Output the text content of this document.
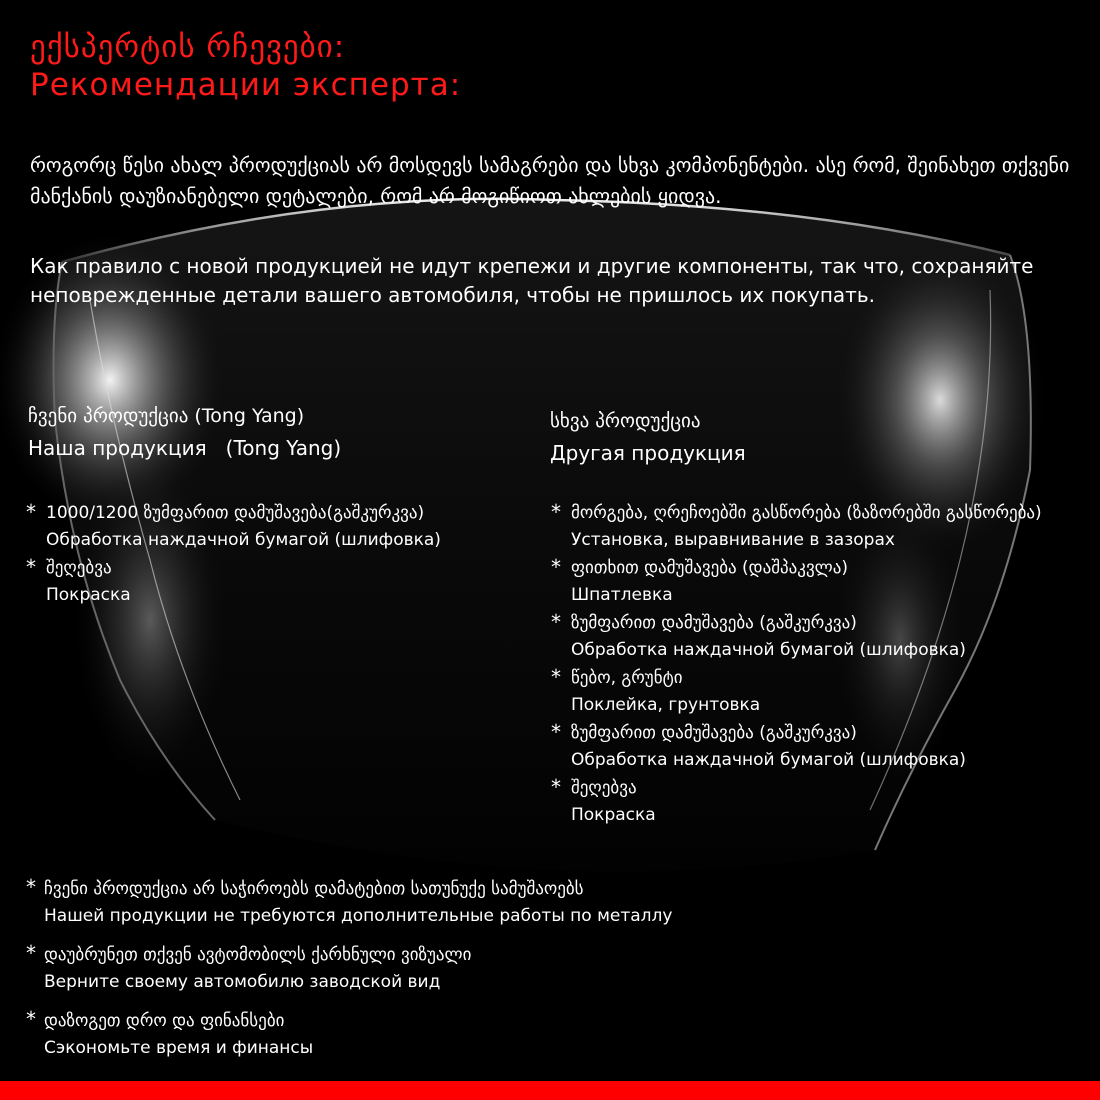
ექსპერტის რჩევები:
Рекомендации эксперта:

როგორც წესი ახალ პროდუქციას არ მოსდევს სამაგრები და სხვა კომპონენტები. ასე რომ, შეინახეთ თქვენი მანქანის დაუზიანებელი დეტალები, რომ არ მოგიწიოთ ახლების ყიდვა.

Как правило с новой продукцией не идут крепежи и другие компоненты, так что, сохраняйте неповрежденные детали вашего автомобиля, чтобы не пришлось их покупать.

ჩვენი პროდუქცია (Tong Yang)
Наша продукция   (Tong Yang)
სხვა პროდუქცია
Другая продукция
* 1000/1200 ზუმფარით დამუშავება(გაშკურკვა)
Обработка наждачной бумагой (шлифовка)
* შეღებვა
Покраска
* მორგება, ღრეჩოებში გასწორება (ზაზორებში გასწორება)
Установка, выравнивание в зазорах
* ფითხით დამუშავება (დაშპაკვლა)
Шпатлевка
* ზუმფარით დამუშავება (გაშკურკვა)
Обработка наждачной бумагой (шлифовка)
* წებო, გრუნტი
Поклейка, грунтовка
* ზუმფარით დამუშავება (გაშკურკვა)
Обработка наждачной бумагой (шлифовка)
* შეღებვა
Покраска
* ჩვენი პროდუქცია არ საჭიროებს დამატებით სათუნუქე სამუშაოებს
Нашей продукции не требуются дополнительные работы по металлу
* დაუბრუნეთ თქვენ ავტომობილს ქარხნული ვიზუალი
Верните своему автомобилю заводской вид
* დაზოგეთ დრო და ფინანსები
Сэкономьте время и финансы
